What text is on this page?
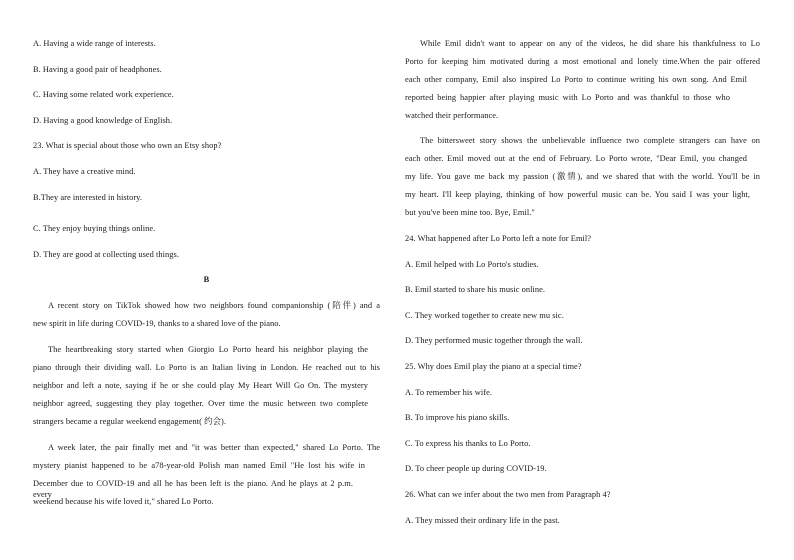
A. Having a wide range of interests.
B. Having a good pair of headphones.
C. Having some related work experience.
D. Having a good knowledge of English.
23. What is special about those who own an Etsy shop?
A. They have a creative mind.
B.They are interested in history.
C. They enjoy buying things online.
D. They are good at collecting used things.
B
A recent story on TikTok showed how two neighbors found companionship (陪伴) and a
new spirit in life during COVID-19, thanks to a shared love of the piano.
The heartbreaking story started when Giorgio Lo Porto heard his neighbor playing the
piano through their dividing wall. Lo Porto is an Italian living in London. He reached out to his
neighbor and left a note, saying if he or she could play My Heart Will Go On. The mystery
neighbor agreed, suggesting they play together. Over time the music between two complete
strangers became a regular weekend engagement( 约会).
A week later, the pair finally met and "it was better than expected," shared Lo Porto. The
mystery pianist happened to be a78-year-old Polish man named Emil "He lost his wife in
December due to COVID-19 and all he has been left is the piano. And he plays at 2 p.m. every
weekend because his wife loved it," shared Lo Porto.
While Emil didn't want to appear on any of the videos, he did share his thankfulness to Lo
Porto for keeping him motivated during a most emotional and lonely time.When the pair offered
each other company, Emil also inspired Lo Porto to continue writing his own song. And Emil
reported being happier after playing music with Lo Porto and was thankful to those who
watched their performance.
The bittersweet story shows the unbelievable influence two complete strangers can have on
each other. Emil moved out at the end of February. Lo Porto wrote, "Dear Emil, you changed
my life. You gave me back my passion (激情), and we shared that with the world. You'll be in
my heart. I'll keep playing, thinking of how powerful music can be. You said I was your light,
but you've been mine too. Bye, Emil."
24. What happened after Lo Porto left a note for Emil?
A. Emil helped with Lo Porto's studies.
B. Emil started to share his music online.
C. They worked together to create new mu sic.
D. They performed music together through the wall.
25. Why does Emil play the piano at a special time?
A. To remember his wife.
B. To improve his piano skills.
C. To express his thanks to Lo Porto.
D. To cheer people up during COVID-19.
26. What can we infer about the two men from Paragraph 4?
A. They missed their ordinary life in the past.
